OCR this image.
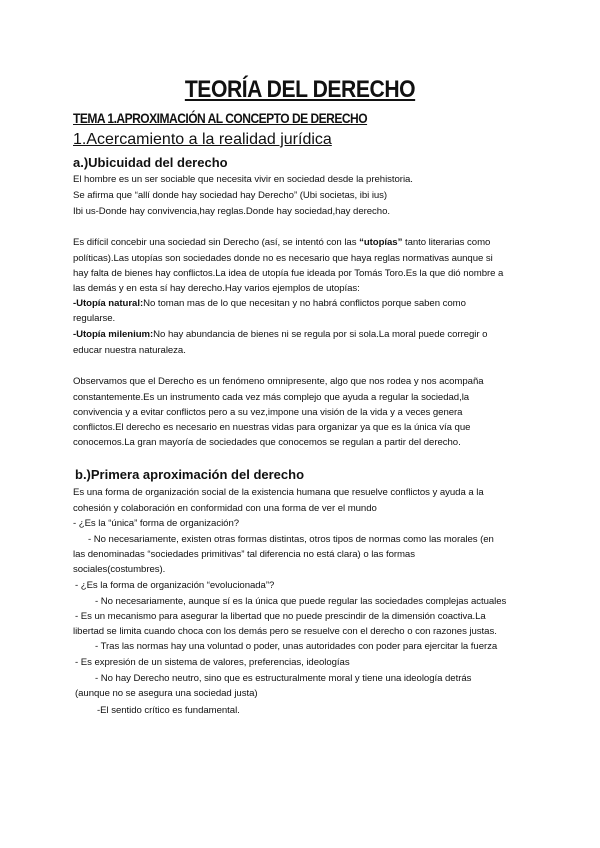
TEORÍA DEL DERECHO
TEMA 1.APROXIMACIÓN AL CONCEPTO DE DERECHO
1.Acercamiento a la realidad jurídica
a.)Ubicuidad del derecho
El hombre es un ser sociable que necesita vivir en sociedad desde la prehistoria.
Se afirma que “allí donde hay sociedad hay Derecho” (Ubi societas, ibi ius)
Ibi us-Donde hay convivencia,hay reglas.Donde hay sociedad,hay derecho.
Es difícil concebir una sociedad sin Derecho (así, se intentó con las “utopías” tanto literarias como
políticas).Las utopías son sociedades donde no es necesario que haya reglas normativas aunque si
hay falta de bienes hay conflictos.La idea de utopía fue ideada por Tomás Toro.Es la que dió nombre a
las demás y en esta sí hay derecho.Hay varios ejemplos de utopías:
-Utopía natural:No toman mas de lo que necesitan y no habrá conflictos porque saben como
regularse.
-Utopía milenium:No hay abundancia de bienes ni se regula por si sola.La moral puede corregir o
educar nuestra naturaleza.
Observamos que el Derecho es un fenómeno omnipresente, algo que nos rodea y nos acompaña
constantemente.Es un instrumento cada vez más complejo que ayuda a regular la sociedad,la
convivencia y a evitar conflictos pero a su vez,impone una visión de la vida y a veces genera
conflictos.El derecho es necesario en nuestras vidas para organizar ya que es la única vía que
conocemos.La gran mayoría de sociedades que conocemos se regulan a partir del derecho.
b.)Primera aproximación del derecho
Es una forma de organización social de la existencia humana que resuelve conflictos y ayuda a la
cohesión y colaboración en conformidad con una forma de ver el mundo
- ¿Es la “única” forma de organización?
- No necesariamente, existen otras formas distintas, otros tipos de normas como las morales (en
las denominadas “sociedades primitivas” tal diferencia no está clara) o las formas
sociales(costumbres).
- ¿Es la forma de organización “evolucionada”?
- No necesariamente, aunque sí es la única que puede regular las sociedades complejas actuales
- Es un mecanismo para asegurar la libertad que no puede prescindir de la dimensión coactiva.La
libertad se limita cuando choca con los demás pero se resuelve con el derecho o con razones justas.
- Tras las normas hay una voluntad o poder, unas autoridades con poder para ejercitar la fuerza
- Es expresión de un sistema de valores, preferencias, ideologías
- No hay Derecho neutro, sino que es estructuralmente moral y tiene una ideología detrás
(aunque no se asegura una sociedad justa)
-El sentido crítico es fundamental.
